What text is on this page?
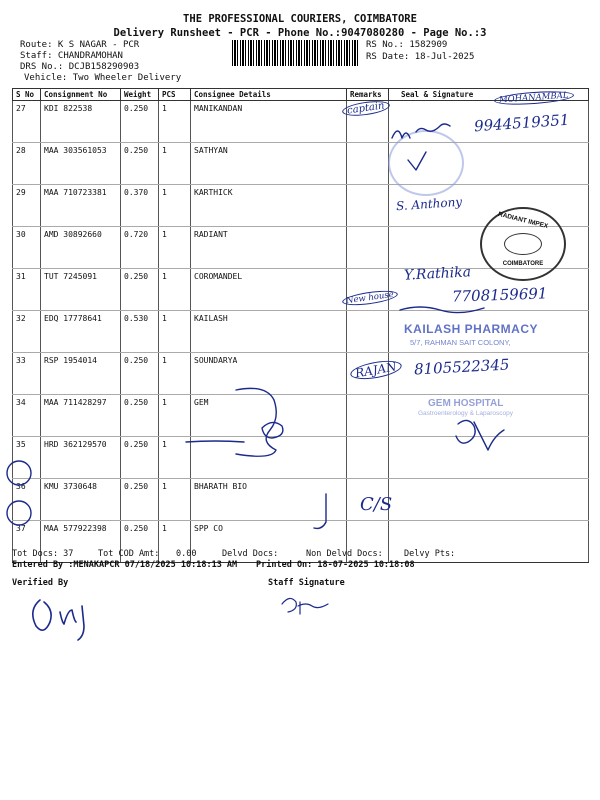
THE PROFESSIONAL COURIERS, COIMBATORE
Delivery Runsheet - PCR - Phone No.:9047080280 - Page No.:3
Route: K S NAGAR - PCR
Staff: CHANDRAMOHAN
DRS No.: DCJB158290903
Vehicle: Two Wheeler Delivery
RS No.: 1582909
RS Date: 18-Jul-2025
S No	Consignment No	Weight	PCS	Consignee Details	Remarks	Seal & Signature
27	KDI 822538	0.250	1	MANIKANDAN		
28	MAA 303561053	0.250	1	SATHYAN		
29	MAA 710723381	0.370	1	KARTHICK		
30	AMD 30892660	0.720	1	RADIANT		
31	TUT 7245091	0.250	1	COROMANDEL		
32	EDQ 17778641	0.530	1	KAILASH		
33	RSP 1954014	0.250	1	SOUNDARYA		
34	MAA 711428297	0.250	1	GEM		
35	HRD 362129570	0.250	1			
36	KMU 3730648	0.250	1	BHARATH BIO		
37	MAA 577922398	0.250	1	SPP CO		
Tot Docs: 37	Tot COD Amt: 0.00	Delvd Docs:	Non Delvd Docs: Delvy Pts:
Entered By :MENAKAPCR 07/18/2025 10:18:13 AM Printed On: 18-07-2025 10:18:08
Verified By	Staff Signature
RADIANT IMPEX
COIMBATORE
KAILASH PHARMACY
5/7, RAHMAN SAIT COLONY,
GEM HOSPITAL
Gastroenterology & Laparoscopy
captain
MOHANAMBAL
9944519351
S. Anthony
Y.Rathika
7708159691
New house
RAJAN	8105522345
C/S
